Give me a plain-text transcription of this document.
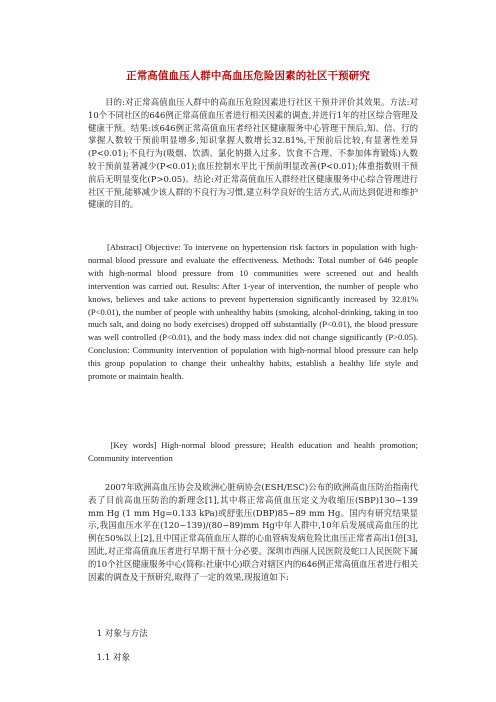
正常高值血压人群中高血压危险因素的社区干预研究

　　目的:对正常高值血压人群中的高血压危险因素进行社区干预并评价其效果。方法:对10个不同社区的646例正常高值血压者进行相关因素的调查,并进行1年的社区综合管理及健康干预。结果:该646例正常高值血压者经社区健康服务中心管理干预后,知、信、行的掌握人数较干预前明显增多,知识掌握人数增长32.81%,干预前后比较,有显著性差异(P<0.01);不良行为(吸烟、饮酒、氯化钠摄入过多、饮食不合理、不参加体育锻炼)人数较干预前显著减少(P<0.01);血压控制水平比干预前明显改善(P<0.01);体重指数则干预前后无明显变化(P>0.05)。结论:对正常高值血压人群经社区健康服务中心综合管理进行社区干预,能够减少该人群的不良行为习惯,建立科学良好的生活方式,从而达到促进和维护健康的目的。

　　[Abstract] Objective: To intervene on hypertension risk factors in population with high-normal blood pressure and evaluate the effectiveness. Methods: Total number of 646 people with high-normal blood pressure from 10 communities were screened out and health intervention was carried out. Results: After 1-year of intervention, the number of people who knows, believes and take actions to prevent hypertension significantly increased by 32.81% (P<0.01), the number of people with unhealthy habits (smoking, alcohol-drinking, taking in too much salt, and doing no body exercises) dropped off substantially (P<0.01), the blood pressure was well controlled (P<0.01), and the body mass index did not change significantly (P>0.05). Conclusion: Community intervention of population with high-normal blood pressure can help this group population to change their unhealthy habits, establish a healthy life style and promote or maintain health.

　　[Key words] High-normal blood pressure; Health education and health promotion; Community intervention

　　2007年欧洲高血压协会及欧洲心脏病协会(ESH/ESC)公布的欧洲高血压防治指南代表了目前高血压防治的新理念[1],其中将正常高值血压定义为收缩压(SBP)130~139 mm Hg (1 mm Hg=0.133 kPa)或舒张压(DBP)85~89 mm Hg。国内有研究结果显示,我国血压水平在(120~139)/(80~89)mm Hg中年人群中,10年后发展成高血压的比例在50%以上[2],且中国正常高值血压人群的心血管病发病危险比血压正常者高出1倍[3],因此,对正常高值血压者进行早期干预十分必要。深圳市西丽人民医院及蛇口人民医院下属的10个社区健康服务中心(简称:社康中心)联合对辖区内的646例正常高值血压者进行相关因素的调查及干预研究,取得了一定的效果,现报道如下:

　1 对象与方法

　1.1 对象
